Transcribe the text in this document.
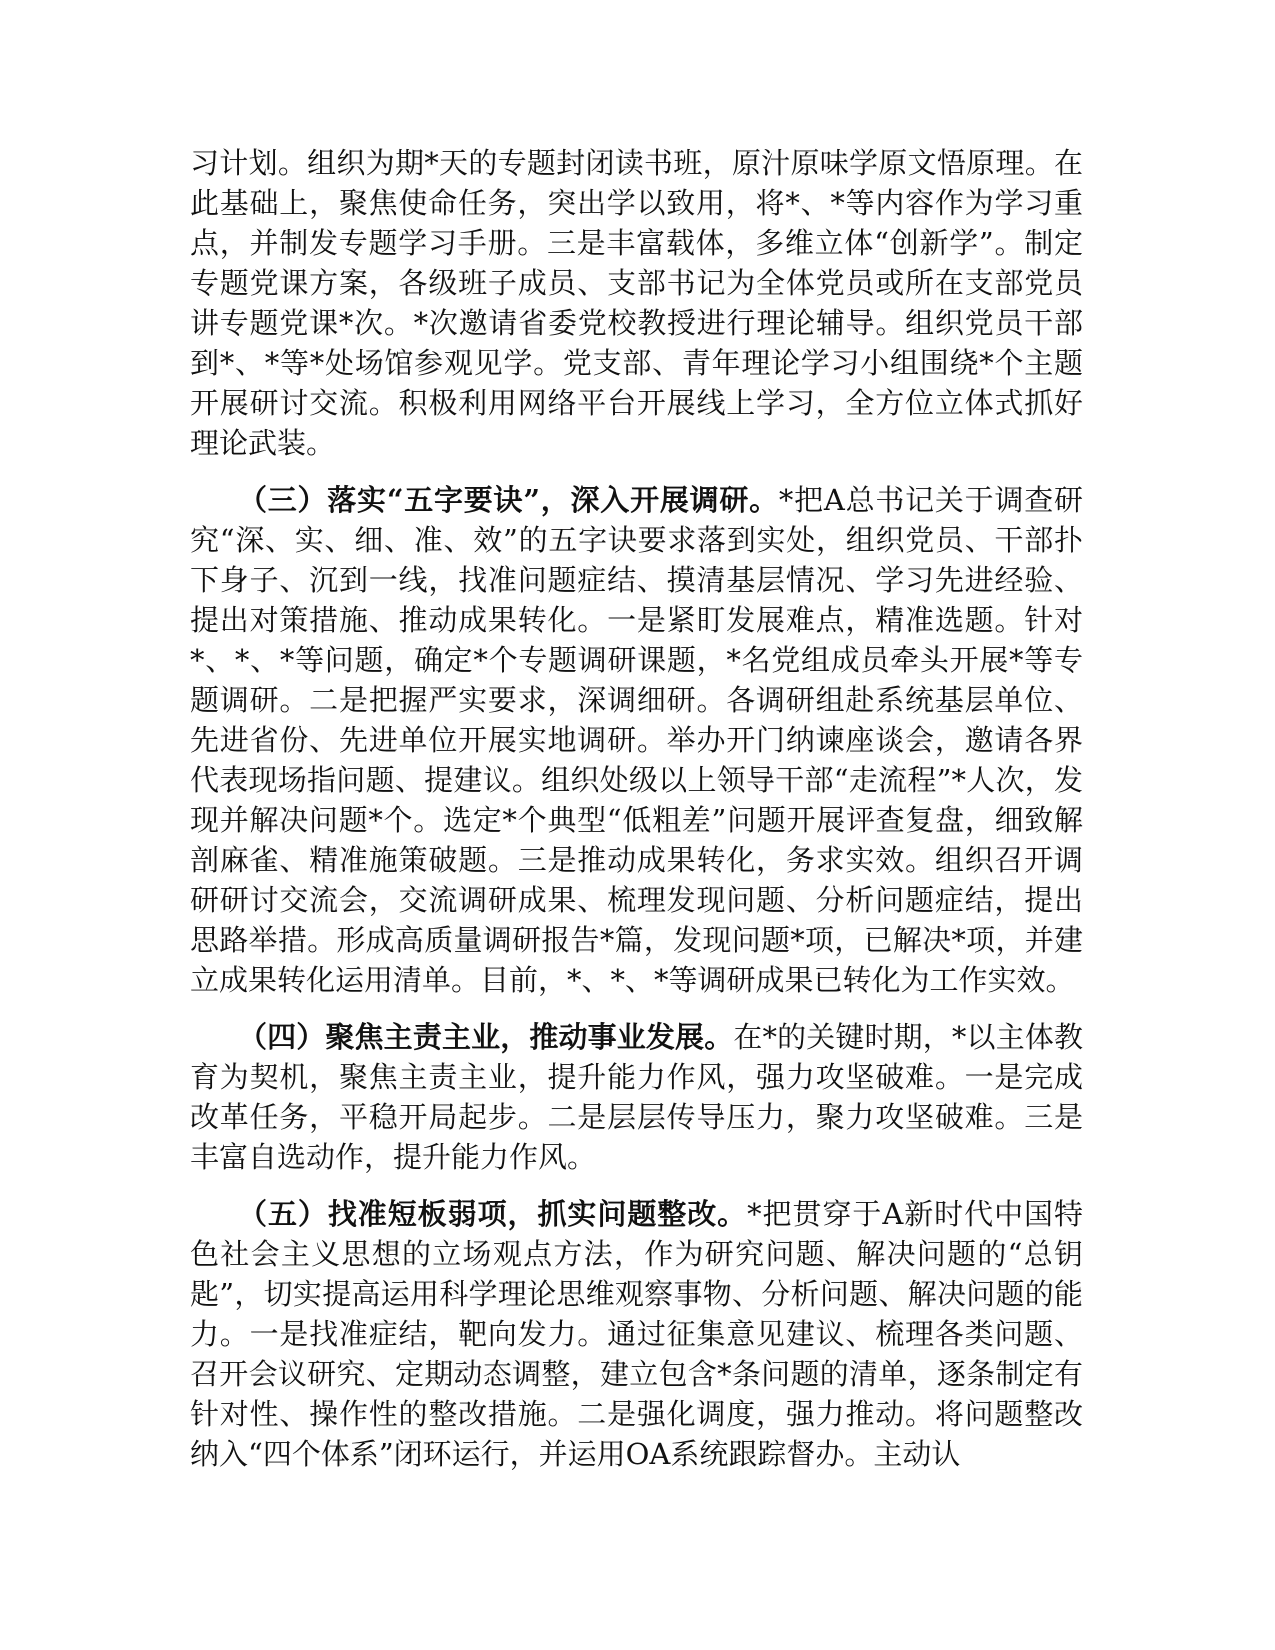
习计划。组织为期*天的专题封闭读书班，原汁原味学原文悟原理。在此基础上，聚焦使命任务，突出学以致用，将*、*等内容作为学习重点，并制发专题学习手册。三是丰富载体，多维立体“创新学”。制定专题党课方案，各级班子成员、支部书记为全体党员或所在支部党员讲专题党课*次。*次邀请省委党校教授进行理论辅导。组织党员干部到*、*等*处场馆参观见学。党支部、青年理论学习小组围绕*个主题开展研讨交流。积极利用网络平台开展线上学习，全方位立体式抓好理论武装。

（三）落实“五字要诀”，深入开展调研。*把A总书记关于调查研究“深、实、细、准、效”的五字诀要求落到实处，组织党员、干部扑下身子、沉到一线，找准问题症结、摸清基层情况、学习先进经验、提出对策措施、推动成果转化。一是紧盯发展难点，精准选题。针对*、*、*等问题，确定*个专题调研课题，*名党组成员牵头开展*等专题调研。二是把握严实要求，深调细研。各调研组赴系统基层单位、先进省份、先进单位开展实地调研。举办开门纳谏座谈会，邀请各界代表现场指问题、提建议。组织处级以上领导干部“走流程”*人次，发现并解决问题*个。选定*个典型“低粗差”问题开展评查复盘，细致解剖麻雀、精准施策破题。三是推动成果转化，务求实效。组织召开调研研讨交流会，交流调研成果、梳理发现问题、分析问题症结，提出思路举措。形成高质量调研报告*篇，发现问题*项，已解决*项，并建立成果转化运用清单。目前，*、*、*等调研成果已转化为工作实效。

（四）聚焦主责主业，推动事业发展。在*的关键时期，*以主体教育为契机，聚焦主责主业，提升能力作风，强力攻坚破难。一是完成改革任务，平稳开局起步。二是层层传导压力，聚力攻坚破难。三是丰富自选动作，提升能力作风。

（五）找准短板弱项，抓实问题整改。*把贯穿于A新时代中国特色社会主义思想的立场观点方法，作为研究问题、解决问题的“总钥匙”，切实提高运用科学理论思维观察事物、分析问题、解决问题的能力。一是找准症结，靶向发力。通过征集意见建议、梳理各类问题、召开会议研究、定期动态调整，建立包含*条问题的清单，逐条制定有针对性、操作性的整改措施。二是强化调度，强力推动。将问题整改纳入“四个体系”闭环运行，并运用OA系统跟踪督办。主动认
